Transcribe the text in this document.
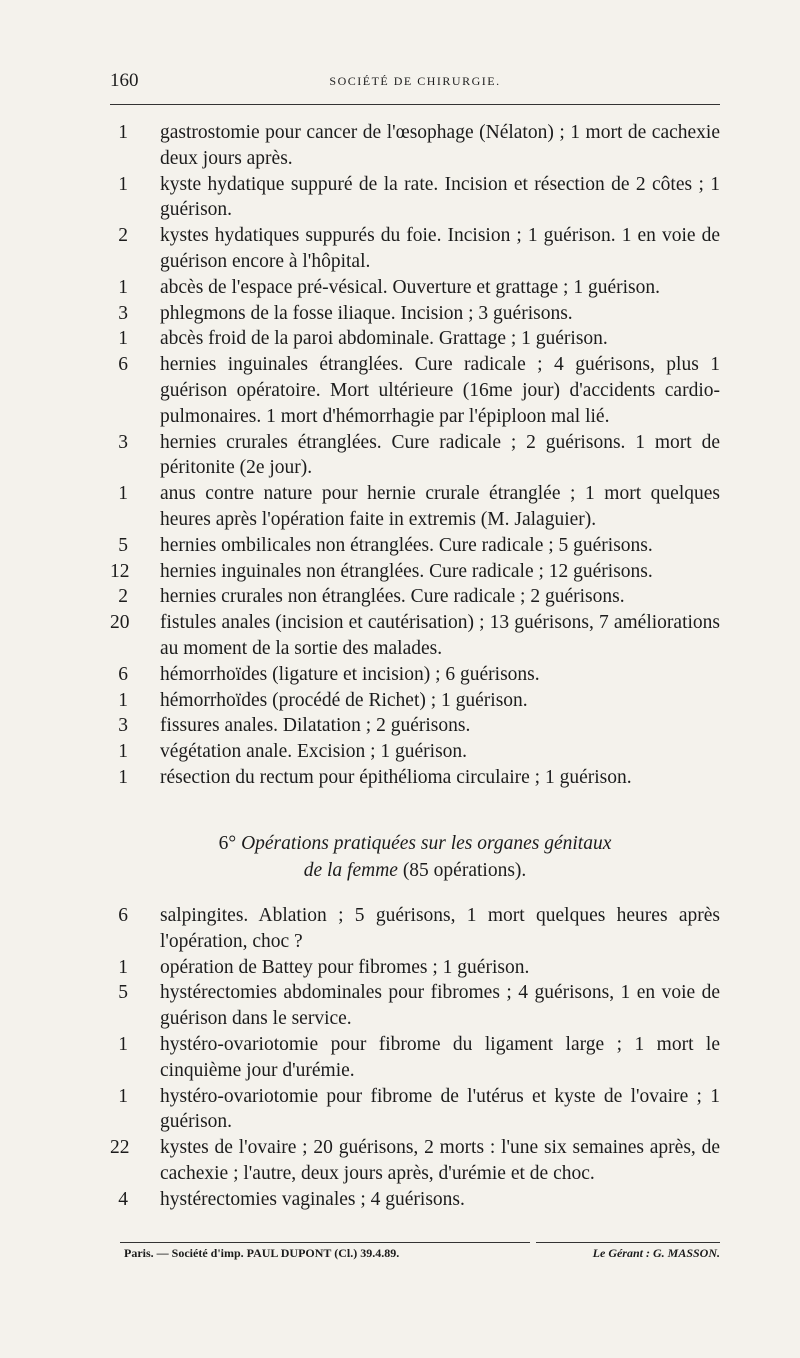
160	SOCIÉTÉ DE CHIRURGIE.
1 gastrostomie pour cancer de l'œsophage (Nélaton) ; 1 mort de cachexie deux jours après.
1 kyste hydatique suppuré de la rate. Incision et résection de 2 côtes ; 1 guérison.
2 kystes hydatiques suppurés du foie. Incision ; 1 guérison. 1 en voie de guérison encore à l'hôpital.
1 abcès de l'espace pré-vésical. Ouverture et grattage ; 1 guérison.
3 phlegmons de la fosse iliaque. Incision ; 3 guérisons.
1 abcès froid de la paroi abdominale. Grattage ; 1 guérison.
6 hernies inguinales étranglées. Cure radicale ; 4 guérisons, plus 1 guérison opératoire. Mort ultérieure (16me jour) d'accidents cardio-pulmonaires. 1 mort d'hémorrhagie par l'épiploon mal lié.
3 hernies crurales étranglées. Cure radicale ; 2 guérisons. 1 mort de péritonite (2e jour).
1 anus contre nature pour hernie crurale étranglée ; 1 mort quelques heures après l'opération faite in extremis (M. Jalaguier).
5 hernies ombilicales non étranglées. Cure radicale ; 5 guérisons.
12 hernies inguinales non étranglées. Cure radicale ; 12 guérisons.
2 hernies crurales non étranglées. Cure radicale ; 2 guérisons.
20 fistules anales (incision et cautérisation) ; 13 guérisons, 7 améliorations au moment de la sortie des malades.
6 hémorrhoïdes (ligature et incision) ; 6 guérisons.
1 hémorrhoïdes (procédé de Richet) ; 1 guérison.
3 fissures anales. Dilatation ; 2 guérisons.
1 végétation anale. Excision ; 1 guérison.
1 résection du rectum pour épithélioma circulaire ; 1 guérison.
6° Opérations pratiquées sur les organes génitaux
de la femme (85 opérations).
6 salpingites. Ablation ; 5 guérisons, 1 mort quelques heures après l'opération, choc ?
1 opération de Battey pour fibromes ; 1 guérison.
5 hystérectomies abdominales pour fibromes ; 4 guérisons, 1 en voie de guérison dans le service.
1 hystéro-ovariotomie pour fibrome du ligament large ; 1 mort le cinquième jour d'urémie.
1 hystéro-ovariotomie pour fibrome de l'utérus et kyste de l'ovaire ; 1 guérison.
22 kystes de l'ovaire ; 20 guérisons, 2 morts : l'une six semaines après, de cachexie ; l'autre, deux jours après, d'urémie et de choc.
4 hystérectomies vaginales ; 4 guérisons.
Paris. — Société d'imp. PAUL DUPONT (Cl.) 39.4.89.	Le Gérant : G. MASSON.
